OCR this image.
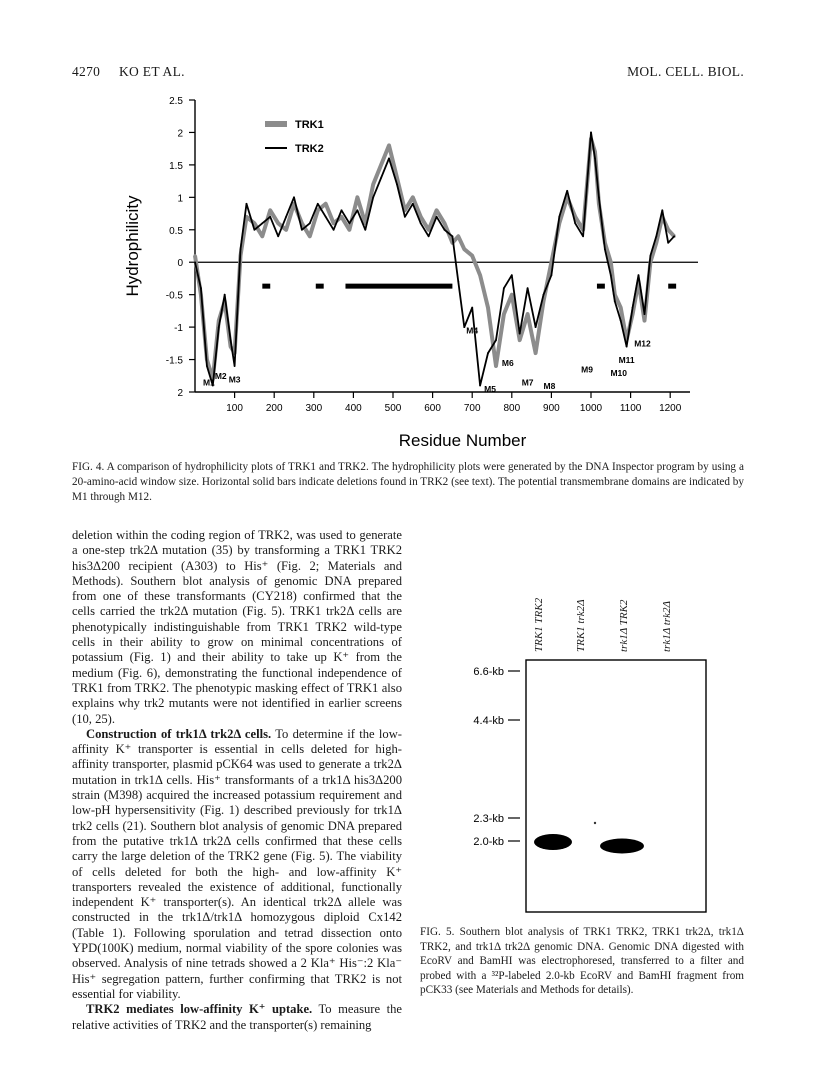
4270 KO ET AL.	MOL. CELL. BIOL.
2.5
2
1.5
1
0.5
0
-0.5
-1
-1.5
2
100 200 300 400 500 600 700 800 900 1000 1100 1200
Residue Number
Hydrophilicity
M1
M2 M3
M4
M5
M6
M7 M8
M9 M10
M11
M12
TRK1
TRK2
FIG. 4. A comparison of hydrophilicity plots of TRK1 and TRK2. The hydrophilicity plots were generated by the DNA Inspector program by using a 20-amino-acid window size. Horizontal solid bars indicate deletions found in TRK2 (see text). The potential transmembrane domains are indicated by M1 through M12.

deletion within the coding region of TRK2, was used to generate a one-step trk2Δ mutation (35) by transforming a TRK1 TRK2 his3Δ200 recipient (A303) to His⁺ (Fig. 2; Materials and Methods). Southern blot analysis of genomic DNA prepared from one of these transformants (CY218) confirmed that the cells carried the trk2Δ mutation (Fig. 5). TRK1 trk2Δ cells are phenotypically indistinguishable from TRK1 TRK2 wild-type cells in their ability to grow on minimal concentrations of potassium (Fig. 1) and their ability to take up K⁺ from the medium (Fig. 6), demonstrating the functional independence of TRK1 from TRK2. The phenotypic masking effect of TRK1 also explains why trk2 mutants were not identified in earlier screens (10, 25).

Construction of trk1Δ trk2Δ cells. To determine if the low-affinity K⁺ transporter is essential in cells deleted for high-affinity transporter, plasmid pCK64 was used to generate a trk2Δ mutation in trk1Δ cells. His⁺ transformants of a trk1Δ his3Δ200 strain (M398) acquired the increased potassium requirement and low-pH hypersensitivity (Fig. 1) described previously for trk1Δ trk2 cells (21). Southern blot analysis of genomic DNA prepared from the putative trk1Δ trk2Δ cells confirmed that these cells carry the large deletion of the TRK2 gene (Fig. 5). The viability of cells deleted for both the high- and low-affinity K⁺ transporters revealed the existence of additional, functionally independent K⁺ transporter(s). An identical trk2Δ allele was constructed in the trk1Δ/trk1Δ homozygous diploid Cx142 (Table 1). Following sporulation and tetrad dissection onto YPD(100K) medium, normal viability of the spore colonies was observed. Analysis of nine tetrads showed a 2 Kla⁺ His⁻:2 Kla⁻ His⁺ segregation pattern, further confirming that TRK2 is not essential for viability.

TRK2 mediates low-affinity K⁺ uptake. To measure the relative activities of TRK2 and the transporter(s) remaining

TRK1 TRK2	TRK1 trk2Δ	trk1Δ TRK2	trk1Δ trk2Δ
6.6-kb
4.4-kb
2.3-kb
2.0-kb
FIG. 5. Southern blot analysis of TRK1 TRK2, TRK1 trk2Δ, trk1Δ TRK2, and trk1Δ trk2Δ genomic DNA. Genomic DNA digested with EcoRV and BamHI was electrophoresed, transferred to a filter and probed with a ³²P-labeled 2.0-kb EcoRV and BamHI fragment from pCK33 (see Materials and Methods for details).
